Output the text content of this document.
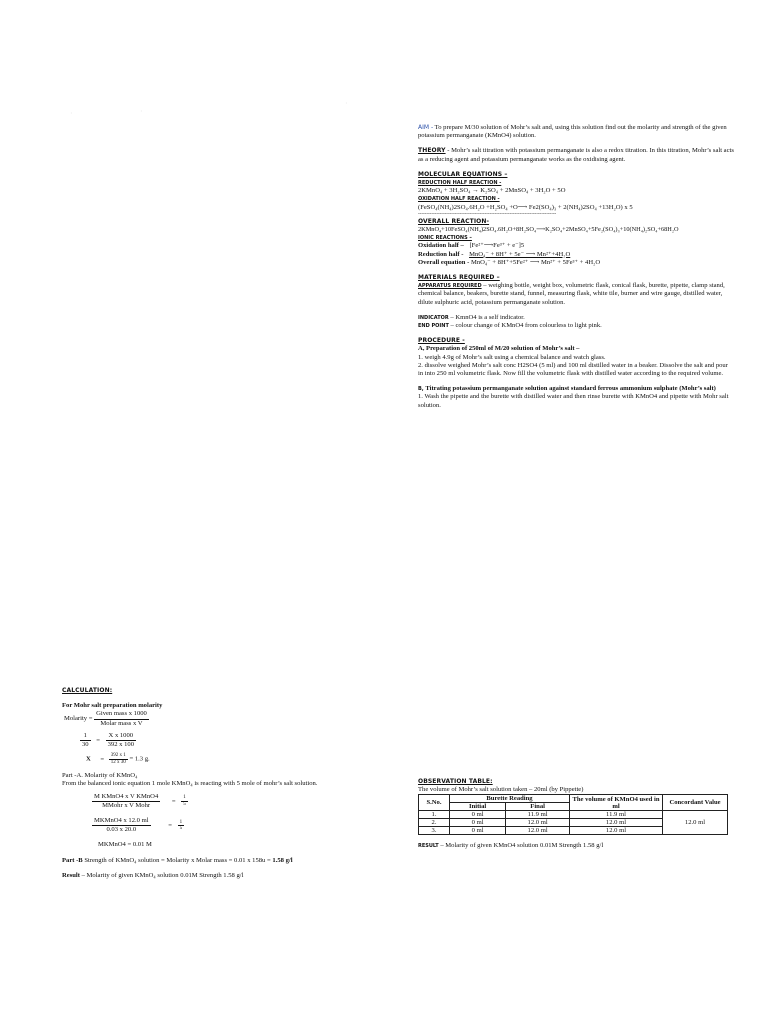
·	·
·

AIM - To prepare M/30 solution of Mohr’s salt and, using this solution find out the molarity and strength of the given potassium permanganate (KMnO4) solution.

THEORY - Mohr’s salt titration with potassium permanganate is also a redox titration. In this titration, Mohr’s salt acts as a reducing agent and potassium permanganate works as the oxidising agent.

MOLECULAR EQUATIONS –

REDUCTION HALF REACTION -

2KMnO₄ + 3H₂SO₄ → K₂SO₄ + 2MnSO₄ + 3H₂O + 5O

OXIDATION HALF REACTION -

(FeSO₄(NH₄)2SO₄.6H₂O +H₂SO₄ +O⟶ Fe2(SO₄)₃ + 2(NH₄)2SO₄ +13H₂O) x 5

-----------------------------------------------------------------------------------

OVERALL REACTION-

2KMnO₄+10FeSO₄(NH₄)2SO₄.6H₂O+8H₂SO₄⟶K₂SO₄+2MnSO₄+5Fe₂(SO₄)₃+10(NH₄)₂SO₄+68H₂O

IONIC REACTIONS –

Oxidation half – [Fe²⁺⟶Fe³⁺ + e⁻]5

Reduction half - MnO₄⁻ + 8H⁺ + 5e⁻ ⟶ Mn²⁺+4H₂O

Overall equation - MnO₄⁻ + 8H⁺+5Fe²⁺ ⟶ Mn²⁺ + 5Fe³⁺ + 4H₂O

MATERIALS REQUIRED –

APPARATUS REQUIRED – weighing bottle, weight box, volumetric flask, conical flask, burette, pipette, clamp stand, chemical balance, beakers, burette stand, funnel, measuring flask, white tile, burner and wire gauge, distilled water, dilute sulphuric acid, potassium permanganate solution.

INDICATOR – KmnO4 is a self indicator.

END POINT – colour change of KMnO4 from colourless to light pink.

PROCEDURE -

A, Preparation of 250ml of M/20 solution of Mohr’s salt –

1. weigh 4.9g of Mohr’s salt using a chemical balance and watch glass.

2. dissolve weighed Mohr’s salt conc H2SO4 (5 ml) and 100 ml distilled water in a beaker. Dissolve the salt and pour in into 250 ml volumetric flask. Now fill the volumetric flask with distilled water according to the required volume.

B, Titrating potassium permanganate solution against standard ferrous ammonium sulphate (Mohr’s salt)

1. Wash the pipette and the burette with distilled water and then rinse burette with KMnO4 and pipette with Mohr salt solution.

OBSERVATION TABLE:

The volume of Mohr’s salt solution taken – 20ml (by Pippette)

S.No.	Burette Reading		The volume of KMnO4 used in ml	Concordant Value
	Initial	Final		
1.	0 ml	11.9 ml	11.9 ml	12.0 ml
2.	0 ml	12.0 ml	12.0 ml	
3.	0 ml	12.0 ml	12.0 ml	

RESULT – Molarity of given KMnO4 solution 0.01M Strength 1.58 g/l

CALCULATION:

For Mohr salt preparation molarity

Molarity = $\frac{\text{Given mass x 1000}}{\text{Molar mass x V}}$
$\frac{1}{30} = \frac{\text{X x 1000}}{392 x 100}$
$X = \frac{392 x 1}{12 x 30} = 1.3$ g.

Part -A. Molarity of KMnO₄

From the balanced ionic equation 1 mole KMnO₄ is reacting with 5 mole of mohr’s salt solution.

$\frac{\text{M KMnO4 x V KMnO4}}{\text{MMohr x V Mohr}} = \frac{1}{5}$
$\frac{\text{MKMnO4 x 12.0 ml}}{0.03 x 20.0}$	= $\frac{1}{5}$

MKMnO4 = 0.01 M

Part -B Strength of KMnO₄ solution = Molarity x Molar mass = 0.01 x 158u = 1.58 g/l

Result – Molarity of given KMnO₄ solution 0.01M Strength 1.58 g/l
